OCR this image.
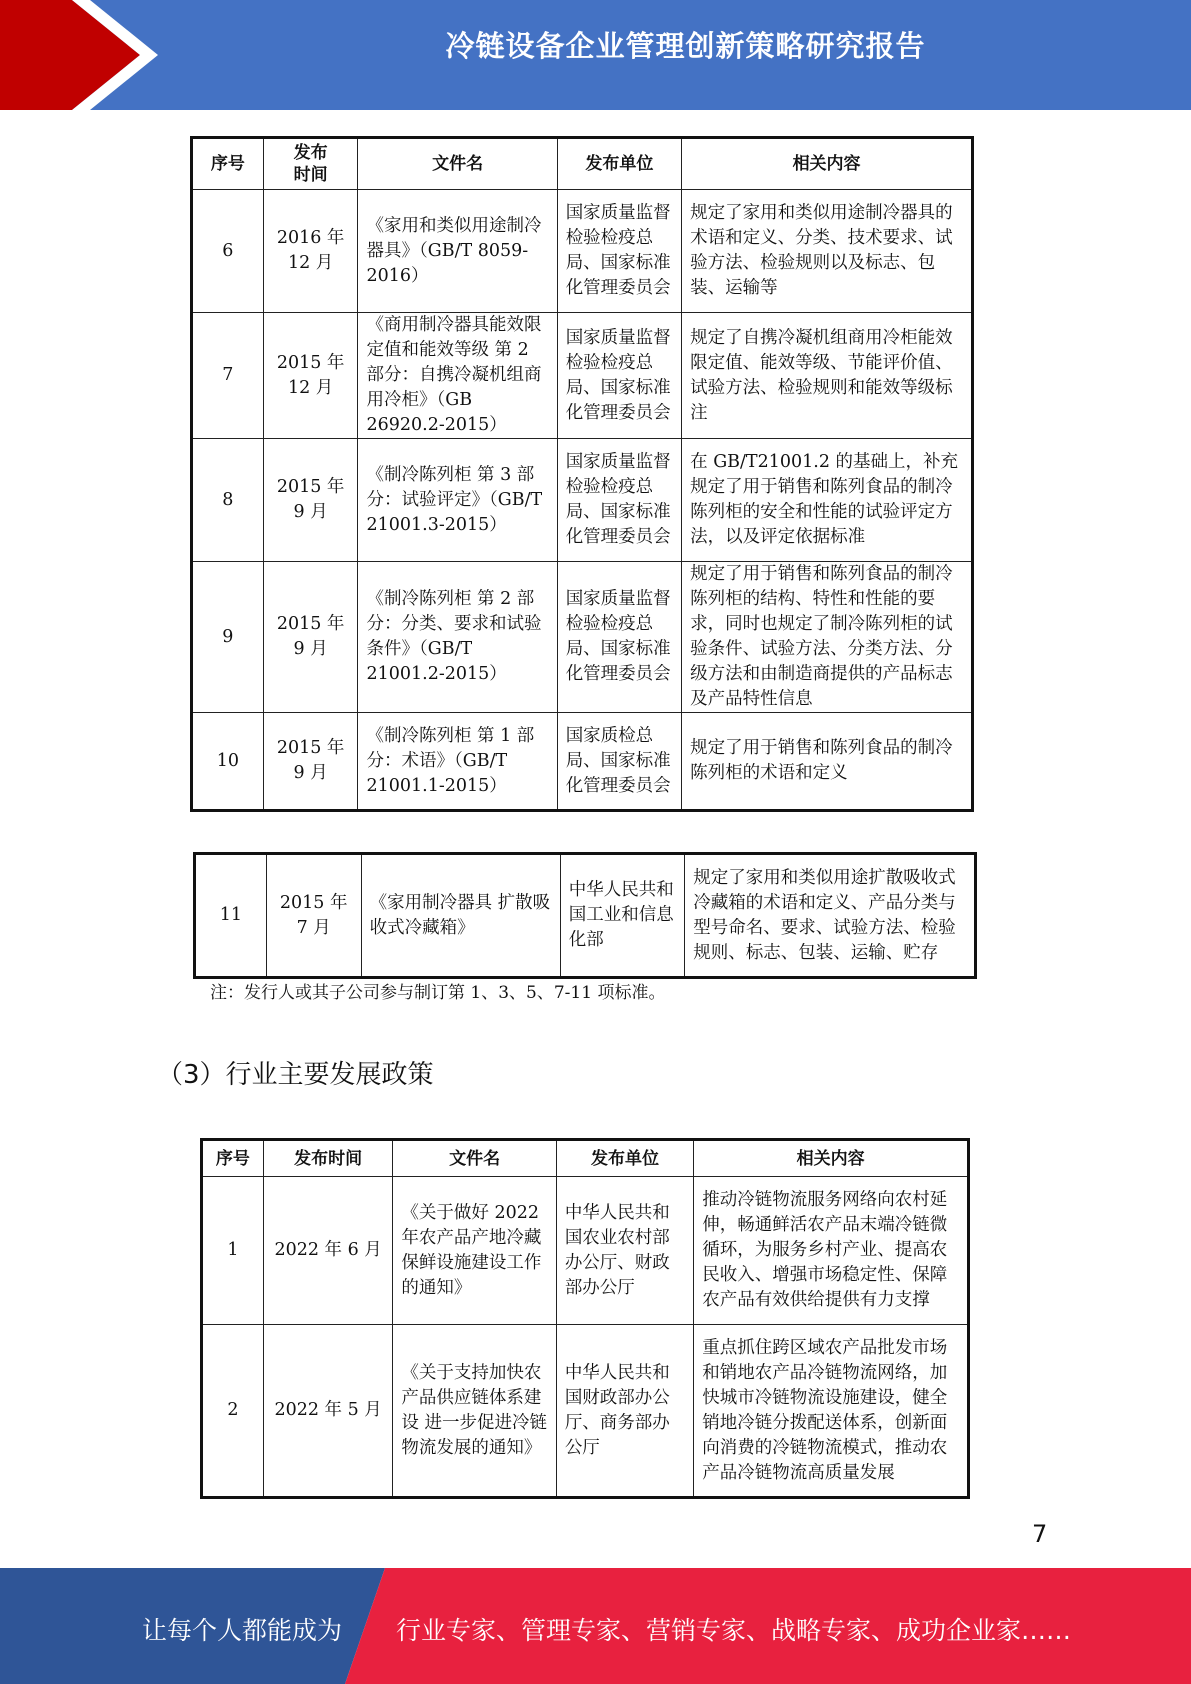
冷链设备企业管理创新策略研究报告
序号	发布时间	文件名	发布单位	相关内容
6	2016 年 12 月	《家用和类似用途制冷器具》（GB/T 8059-2016）	国家质量监督检验检疫总局、国家标准化管理委员会	规定了家用和类似用途制冷器具的术语和定义、分类、技术要求、试验方法、检验规则以及标志、包装、运输等
7	2015 年 12 月	《商用制冷器具能效限定值和能效等级 第 2 部分：自携冷凝机组商用冷柜》（GB 26920.2-2015）	国家质量监督检验检疫总局、国家标准化管理委员会	规定了自携冷凝机组商用冷柜能效限定值、能效等级、节能评价值、试验方法、检验规则和能效等级标注
8	2015 年 9 月	《制冷陈列柜 第 3 部分：试验评定》（GB/T 21001.3-2015）	国家质量监督检验检疫总局、国家标准化管理委员会	在 GB/T21001.2 的基础上，补充规定了用于销售和陈列食品的制冷陈列柜的安全和性能的试验评定方法，以及评定依据标准
9	2015 年 9 月	《制冷陈列柜 第 2 部分：分类、要求和试验条件》（GB/T 21001.2-2015）	国家质量监督检验检疫总局、国家标准化管理委员会	规定了用于销售和陈列食品的制冷陈列柜的结构、特性和性能的要求，同时也规定了制冷陈列柜的试验条件、试验方法、分类方法、分级方法和由制造商提供的产品标志及产品特性信息
10	2015 年 9 月	《制冷陈列柜 第 1 部分：术语》（GB/T 21001.1-2015）	国家质检总局、国家标准化管理委员会	规定了用于销售和陈列食品的制冷陈列柜的术语和定义
11	2015 年 7 月	《家用制冷器具 扩散吸收式冷藏箱》	中华人民共和国工业和信息化部	规定了家用和类似用途扩散吸收式冷藏箱的术语和定义、产品分类与型号命名、要求、试验方法、检验规则、标志、包装、运输、贮存
注：发行人或其子公司参与制订第 1、3、5、7-11 项标准。
（3）行业主要发展政策
序号	发布时间	文件名	发布单位	相关内容
1	2022 年 6 月	《关于做好 2022 年农产品产地冷藏保鲜设施建设工作的通知》	中华人民共和国农业农村部办公厅、财政部办公厅	推动冷链物流服务网络向农村延伸，畅通鲜活农产品末端冷链微循环，为服务乡村产业、提高农民收入、增强市场稳定性、保障农产品有效供给提供有力支撑
2	2022 年 5 月	《关于支持加快农产品供应链体系建设 进一步促进冷链物流发展的通知》	中华人民共和国财政部办公厅、商务部办公厅	重点抓住跨区域农产品批发市场和销地农产品冷链物流网络，加快城市冷链物流设施建设，健全销地冷链分拨配送体系，创新面向消费的冷链物流模式，推动农产品冷链物流高质量发展
7
让每个人都能成为 行业专家、管理专家、营销专家、战略专家、成功企业家……
